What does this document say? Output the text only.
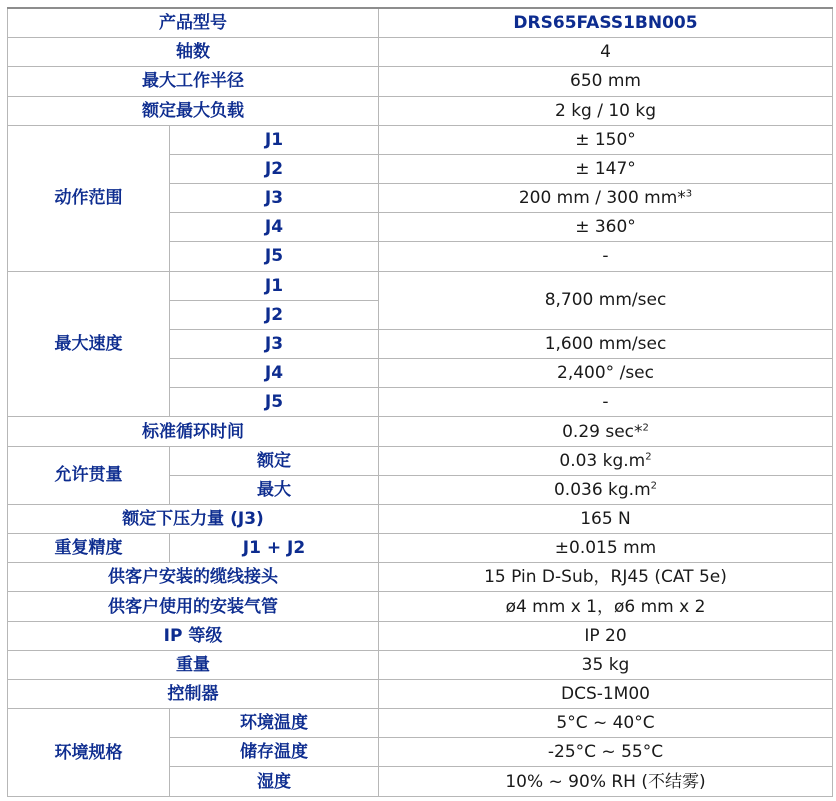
产品型号		DRS65FASS1BN005
轴数		4
最大工作半径		650 mm
额定最大负载		2 kg / 10 kg
动作范围	J1	± 150°
	J2	± 147°
	J3	200 mm / 300 mm*$^3$
	J4	± 360°
	J5	-
最大速度	J1	8,700 mm/sec
	J2	
	J3	1,600 mm/sec
	J4	2,400° /sec
	J5	-
标准循环时间		0.29 sec*$^2$
允许贯量	额定	0.03 $kg.m^2$
	最大	0.036 $kg.m^2$
额定下压力量 (J3)		165 N
重复精度	J1 + J2	±0.015 mm
供客户安装的缆线接头		15 Pin D-Sub，RJ45 (CAT 5e)
供客户使用的安装气管		ø4 mm x 1，ø6 mm x 2
IP 等级		IP 20
重量		35 kg
控制器		DCS-1M00
环境规格	环境温度	5°C ~ 40°C
	储存温度	-25°C ~ 55°C
	湿度	10% ~ 90% RH (不结雾)
